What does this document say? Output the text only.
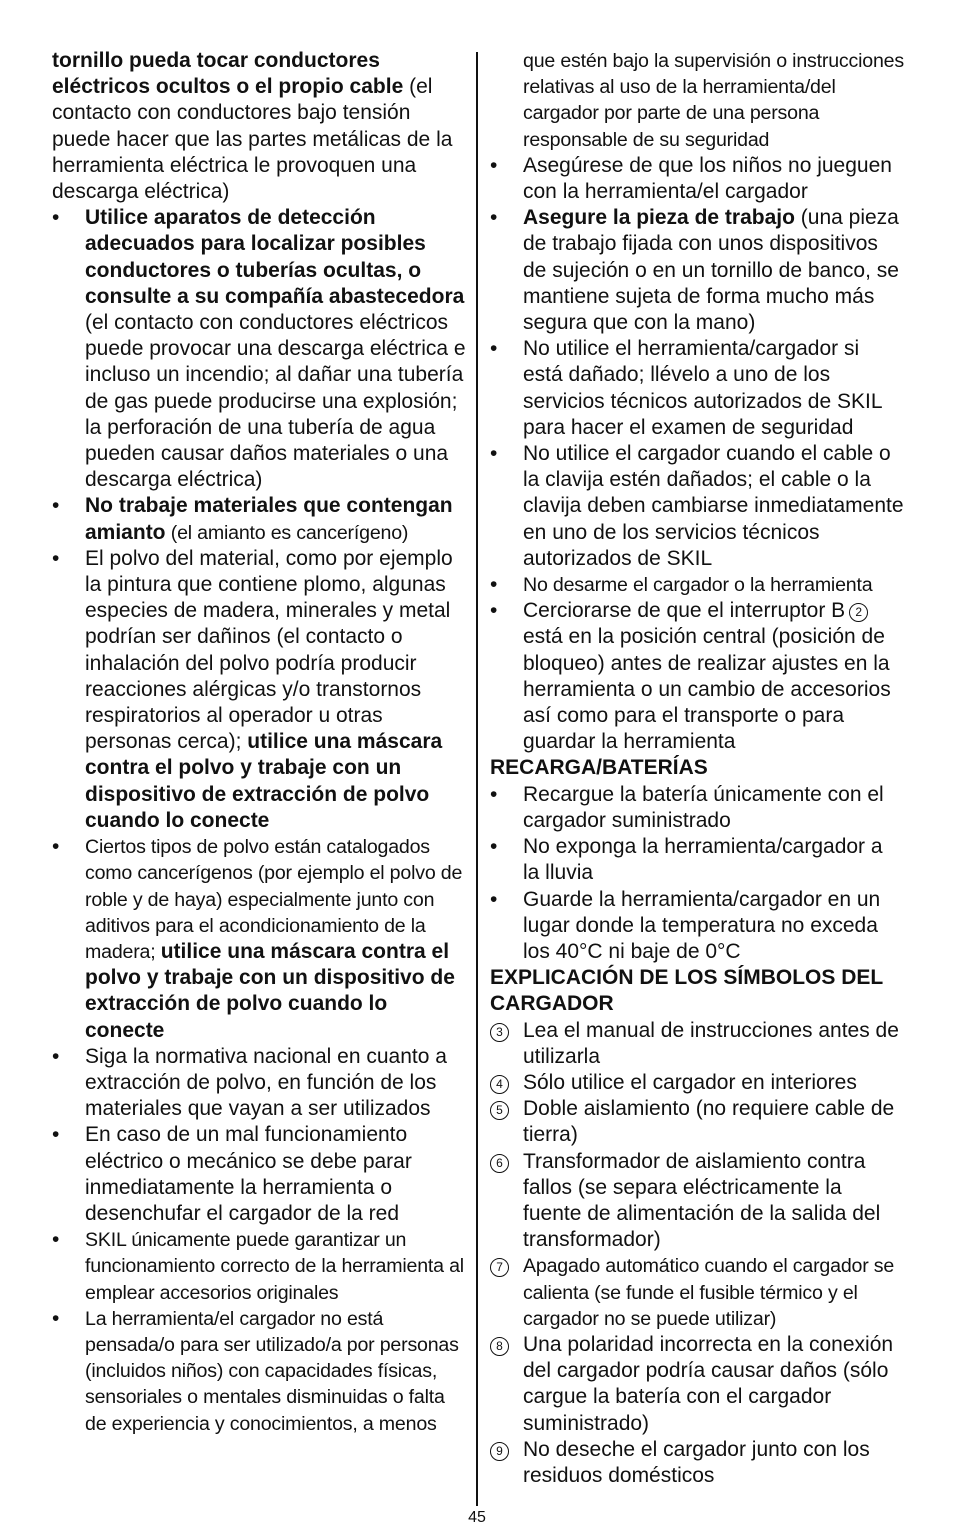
tornillo pueda tocar conductores eléctricos ocultos o el propio cable (el contacto con conductores bajo tensión puede hacer que las partes metálicas de la herramienta eléctrica le provoquen una descarga eléctrica)

• Utilice aparatos de detección adecuados para localizar posibles conductores o tuberías ocultas, o consulte a su compañía abastecedora (el contacto con conductores eléctricos puede provocar una descarga eléctrica e incluso un incendio; al dañar una tubería de gas puede producirse una explosión; la perforación de una tubería de agua pueden causar daños materiales o una descarga eléctrica)

• No trabaje materiales que contengan amianto (el amianto es cancerígeno)

• El polvo del material, como por ejemplo la pintura que contiene plomo, algunas especies de madera, minerales y metal podrían ser dañinos (el contacto o inhalación del polvo podría producir reacciones alérgicas y/o transtornos respiratorios al operador u otras personas cerca); utilice una máscara contra el polvo y trabaje con un dispositivo de extracción de polvo cuando lo conecte

• Ciertos tipos de polvo están catalogados como cancerígenos (por ejemplo el polvo de roble y de haya) especialmente junto con aditivos para el acondicionamiento de la madera; utilice una máscara contra el polvo y trabaje con un dispositivo de extracción de polvo cuando lo conecte

• Siga la normativa nacional en cuanto a extracción de polvo, en función de los materiales que vayan a ser utilizados

• En caso de un mal funcionamiento eléctrico o mecánico se debe parar inmediatamente la herramienta o desenchufar el cargador de la red

• SKIL únicamente puede garantizar un funcionamiento correcto de la herramienta al emplear accesorios originales

• La herramienta/el cargador no está pensada/o para ser utilizado/a por personas (incluidos niños) con capacidades físicas, sensoriales o mentales disminuidas o falta de experiencia y conocimientos, a menos

que estén bajo la supervisión o instrucciones relativas al uso de la herramienta/del cargador por parte de una persona responsable de su seguridad

• Asegúrese de que los niños no jueguen con la herramienta/el cargador

• Asegure la pieza de trabajo (una pieza de trabajo fijada con unos dispositivos de sujeción o en un tornillo de banco, se mantiene sujeta de forma mucho más segura que con la mano)

• No utilice el herramienta/cargador si está dañado; llévelo a uno de los servicios técnicos autorizados de SKIL para hacer el examen de seguridad

• No utilice el cargador cuando el cable o la clavija estén dañados; el cable o la clavija deben cambiarse inmediatamente en uno de los servicios técnicos autorizados de SKIL

• No desarme el cargador o la herramienta

• Cerciorarse de que el interruptor B 2 está en la posición central (posición de bloqueo) antes de realizar ajustes en la herramienta o un cambio de accesorios así como para el transporte o para guardar la herramienta

RECARGA/BATERÍAS

• Recargue la batería únicamente con el cargador suministrado

• No exponga la herramienta/cargador a la lluvia

• Guarde la herramienta/cargador en un lugar donde la temperatura no exceda los 40°C ni baje de 0°C

EXPLICACIÓN DE LOS SÍMBOLOS DEL CARGADOR

3 Lea el manual de instrucciones antes de utilizarla

4 Sólo utilice el cargador en interiores

5 Doble aislamiento (no requiere cable de tierra)

6 Transformador de aislamiento contra fallos (se separa eléctricamente la fuente de alimentación de la salida del transformador)

7	Apagado automático cuando el cargador se calienta (se funde el fusible térmico y el cargador no se puede utilizar)

8 Una polaridad incorrecta en la conexión del cargador podría causar daños (sólo cargue la batería con el cargador suministrado)

9 No deseche el cargador junto con los residuos domésticos

45
